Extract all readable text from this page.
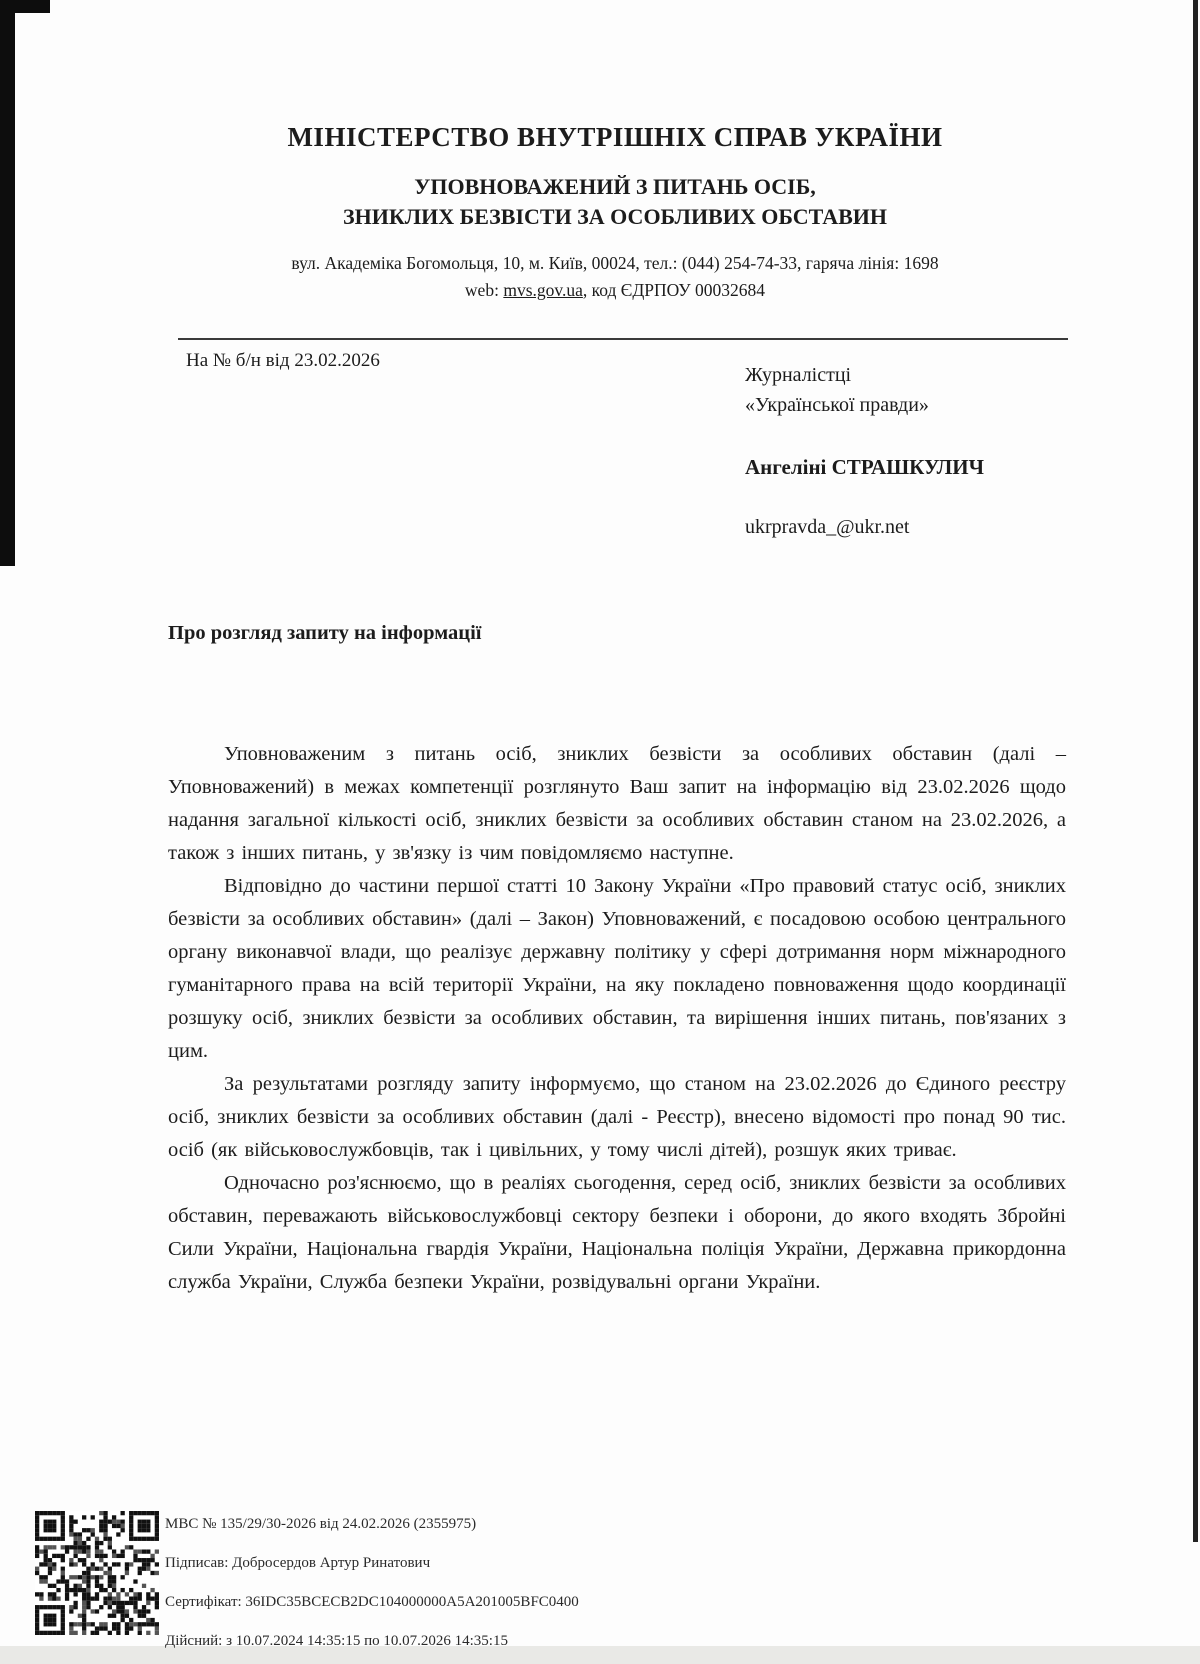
МІНІСТЕРСТВО ВНУТРІШНІХ СПРАВ УКРАЇНИ
УПОВНОВАЖЕНИЙ З ПИТАНЬ ОСІБ,
ЗНИКЛИХ БЕЗВІСТИ ЗА ОСОБЛИВИХ ОБСТАВИН
вул. Академіка Богомольця, 10, м. Київ, 00024, тел.: (044) 254-74-33, гаряча лінія: 1698
web: mvs.gov.ua, код ЄДРПОУ 00032684
На № б/н від 23.02.2026
Журналістці
«Української правди»
Ангеліні СТРАШКУЛИЧ
ukrpravda_@ukr.net
Про розгляд запиту на інформації

Уповноваженим з питань осіб, зниклих безвісти за особливих обставин (далі – Уповноважений) в межах компетенції розглянуто Ваш запит на інформацію від 23.02.2026 щодо надання загальної кількості осіб, зниклих безвісти за особливих обставин станом на 23.02.2026, а також з інших питань, у зв'язку із чим повідомляємо наступне.

Відповідно до частини першої статті 10 Закону України «Про правовий статус осіб, зниклих безвісти за особливих обставин» (далі – Закон) Уповноважений, є посадовою особою центрального органу виконавчої влади, що реалізує державну політику у сфері дотримання норм міжнародного гуманітарного права на всій території України, на яку покладено повноваження щодо координації розшуку осіб, зниклих безвісти за особливих обставин, та вирішення інших питань, пов'язаних з цим.

За результатами розгляду запиту інформуємо, що станом на 23.02.2026 до Єдиного реєстру осіб, зниклих безвісти за особливих обставин (далі - Реєстр), внесено відомості про понад 90 тис. осіб (як військовослужбовців, так і цивільних, у тому числі дітей), розшук яких триває.

Одночасно роз'яснюємо, що в реаліях сьогодення, серед осіб, зниклих безвісти за особливих обставин, переважають військовослужбовці сектору безпеки і оборони, до якого входять Збройні Сили України, Національна гвардія України, Національна поліція України, Державна прикордонна служба України, Служба безпеки України, розвідувальні органи України.

МВС № 135/29/30-2026 від 24.02.2026 (2355975)
Підписав: Добросердов Артур Ринатович
Сертифікат: 36IDC35BCECB2DC104000000A5A201005BFC0400
Дійсний: з 10.07.2024 14:35:15 по 10.07.2026 14:35:15
